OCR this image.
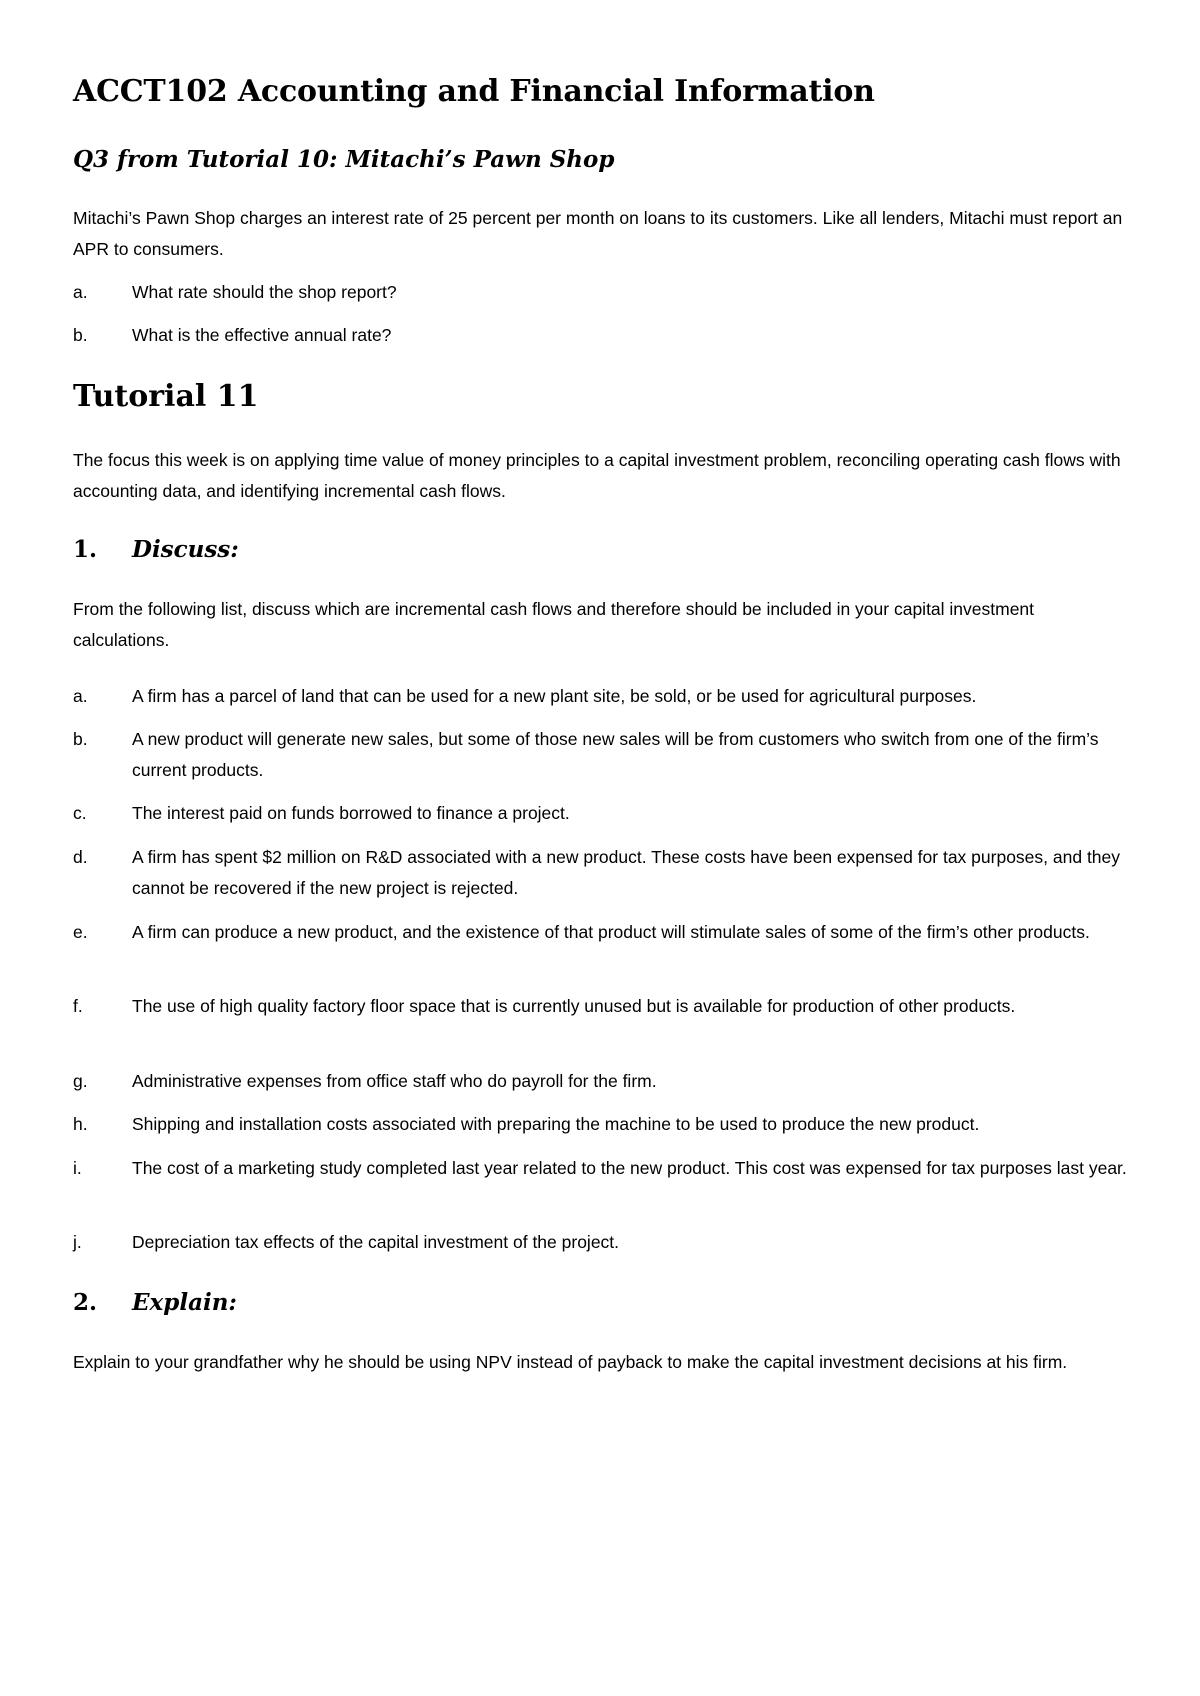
ACCT102 Accounting and Financial Information
Q3 from Tutorial 10: Mitachi’s Pawn Shop

Mitachi’s Pawn Shop charges an interest rate of 25 percent per month on loans to its customers. Like all lenders, Mitachi must report an APR to consumers.

a.	What rate should the shop report?
b.	What is the effective annual rate?
Tutorial 11

The focus this week is on applying time value of money principles to a capital investment problem, reconciling operating cash flows with accounting data, and identifying incremental cash flows.

1. Discuss:

From the following list, discuss which are incremental cash flows and therefore should be included in your capital investment calculations.

a.	A firm has a parcel of land that can be used for a new plant site, be sold, or be used for agricultural purposes.
b.	A new product will generate new sales, but some of those new sales will be from customers who switch from one of the firm’s current products.
c.	The interest paid on funds borrowed to finance a project.
d.	A firm has spent $2 million on R&D associated with a new product. These costs have been expensed for tax purposes, and they cannot be recovered if the new project is rejected.
e.	A firm can produce a new product, and the existence of that product will stimulate sales of some of the firm’s other products.
f.	The use of high quality factory floor space that is currently unused but is available for production of other products.
g.	Administrative expenses from office staff who do payroll for the firm.
h.	Shipping and installation costs associated with preparing the machine to be used to produce the new product.
i.	The cost of a marketing study completed last year related to the new product. This cost was expensed for tax purposes last year.
j.	Depreciation tax effects of the capital investment of the project.
2. Explain:

Explain to your grandfather why he should be using NPV instead of payback to make the capital investment decisions at his firm.
